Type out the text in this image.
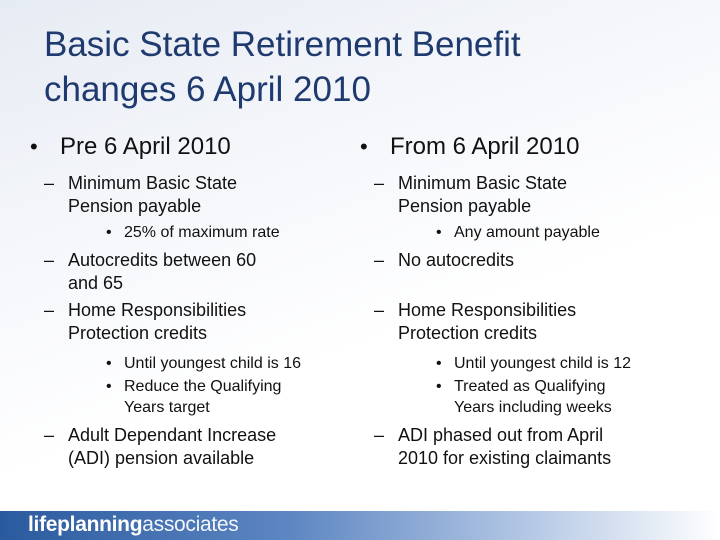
Basic State Retirement Benefit
changes 6 April 2010
• Pre 6 April 2010
– Minimum Basic State
Pension payable
• 25% of maximum rate
– Autocredits between 60
and 65
– Home Responsibilities
Protection credits
• Until youngest child is 16
• Reduce the Qualifying
Years target
– Adult Dependant Increase
(ADI) pension available
• From 6 April 2010
– Minimum Basic State
Pension payable
• Any amount payable
– No autocredits

– Home Responsibilities
Protection credits
• Until youngest child is 12
• Treated as Qualifying
Years including weeks
– ADI phased out from April
2010 for existing claimants
lifeplanningassociates
